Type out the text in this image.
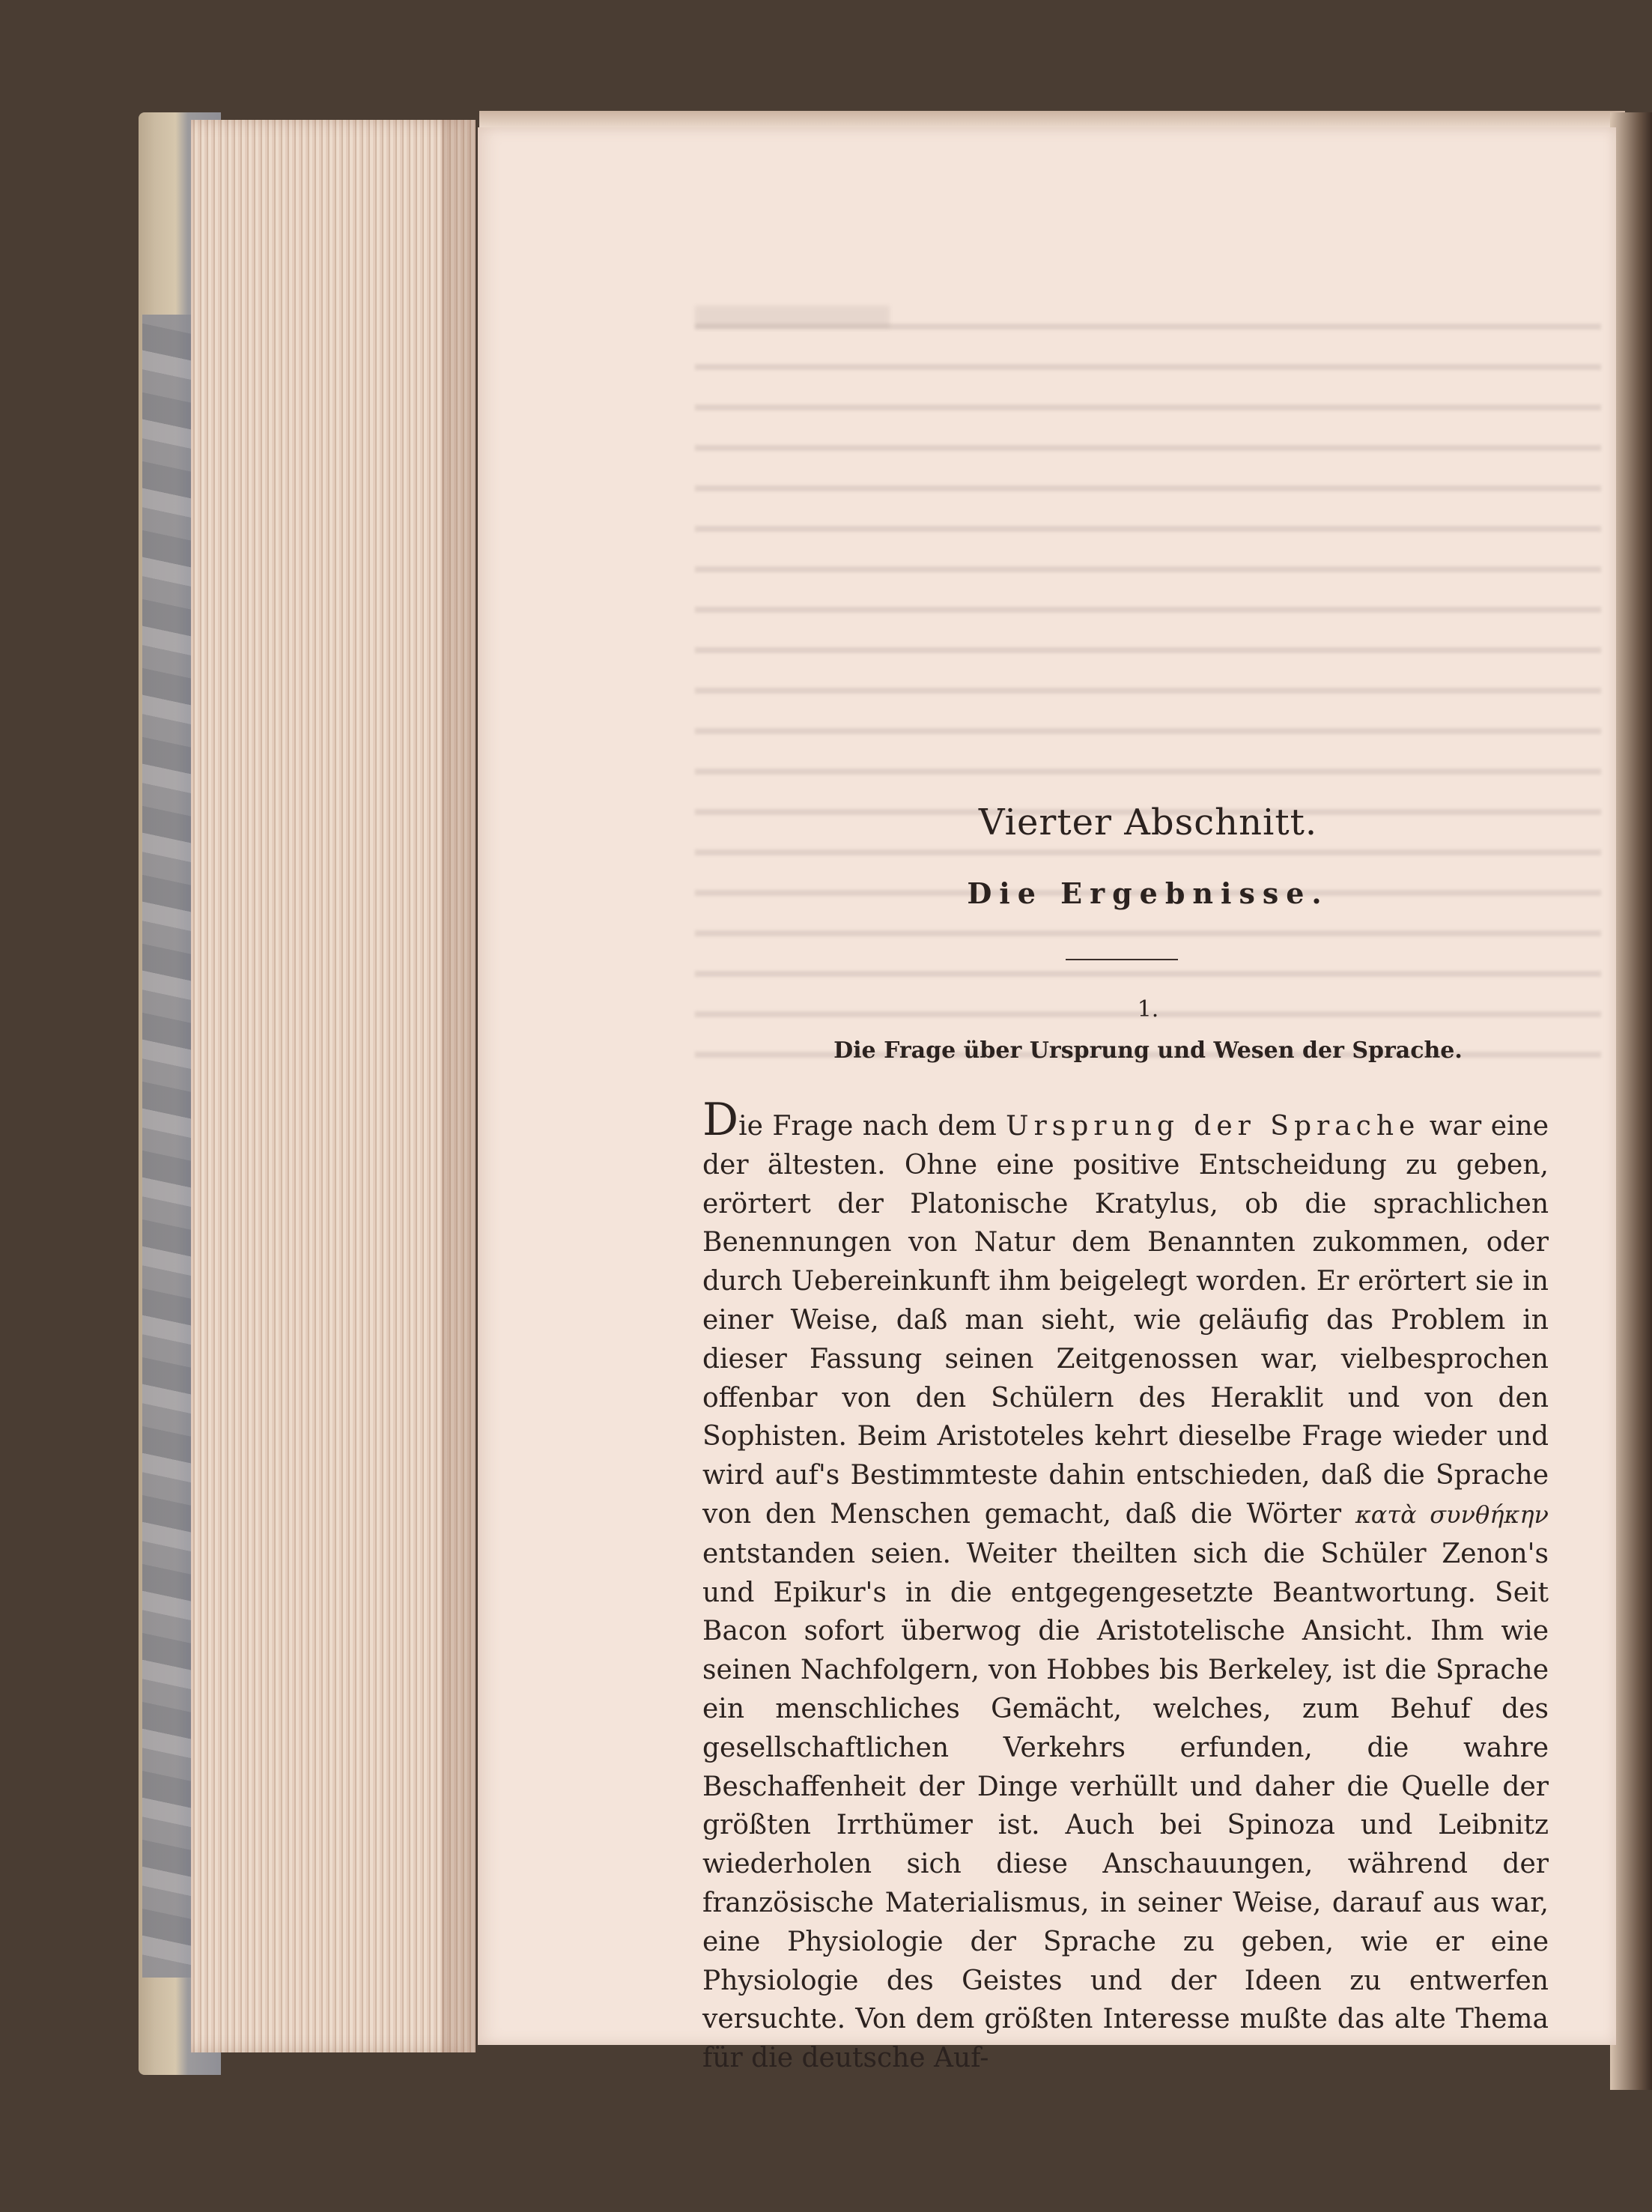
Vierter Abschnitt.
Die Ergebnisse.
1.
Die Frage über Ursprung und Wesen der Sprache.
Die Frage nach dem Ursprung der Sprache war eine der ältesten. Ohne eine positive Entscheidung zu geben, erörtert der Platonische Kratylus, ob die sprachlichen Benennungen von Natur dem Benannten zukommen, oder durch Uebereinkunft ihm beigelegt worden. Er erörtert sie in einer Weise, daß man sieht, wie geläufig das Problem in dieser Fassung seinen Zeitgenossen war, vielbesprochen offenbar von den Schülern des Heraklit und von den Sophisten. Beim Aristoteles kehrt dieselbe Frage wieder und wird auf's Bestimmteste dahin entschieden, daß die Sprache von den Menschen gemacht, daß die Wörter κατὰ συνθήκην entstanden seien. Weiter theilten sich die Schüler Zenon's und Epikur's in die entgegengesetzte Beantwortung. Seit Bacon sofort überwog die Aristotelische Ansicht. Ihm wie seinen Nachfolgern, von Hobbes bis Berkeley, ist die Sprache ein menschliches Gemächt, welches, zum Behuf des gesellschaftlichen Verkehrs erfunden, die wahre Beschaffenheit der Dinge verhüllt und daher die Quelle der größten Irrthümer ist. Auch bei Spinoza und Leibnitz wiederholen sich diese Anschauungen, während der französische Materialismus, in seiner Weise, darauf aus war, eine Physiologie der Sprache zu geben, wie er eine Physiologie des Geistes und der Ideen zu entwerfen versuchte. Von dem größten Interesse mußte das alte Thema für die deutsche Auf-
